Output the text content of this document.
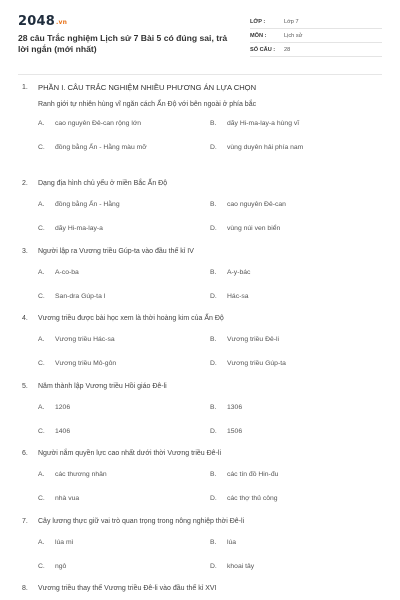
2048.vn
28 câu Trắc nghiệm Lịch sử 7 Bài 5 có đúng sai, trả lời ngắn (mới nhất)
LỚP :	Lớp 7
MÔN :	Lịch sử
SỐ CÂU :	28
1.	PHẦN I. CÂU TRẮC NGHIỆM NHIỀU PHƯƠNG ÁN LỰA CHỌN
Ranh giới tự nhiên hùng vĩ ngăn cách Ấn Độ với bên ngoài ở phía bắc
A.	cao nguyên Đê-can rộng lớn	B.	dãy Hi-ma-lay-a hùng vĩ
C.	đồng bằng Ấn - Hằng màu mỡ	D.	vùng duyên hải phía nam
2.	Dạng địa hình chủ yếu ở miền Bắc Ấn Độ
A.	đồng bằng Ấn - Hằng	B.	cao nguyên Đê-can
C.	dãy Hi-ma-lay-a	D.	vùng núi ven biển
3.	Người lập ra Vương triều Gúp-ta vào đầu thế kỉ IV
A.	A-co-ba	B.	A-y-bác
C.	San-dra Gúp-ta I	D.	Hác-sa
4.	Vương triều được bài học xem là thời hoàng kim của Ấn Độ
A.	Vương triều Hác-sa	B.	Vương triều Đê-li
C.	Vương triều Mô-gôn	D.	Vương triều Gúp-ta
5.	Năm thành lập Vương triều Hồi giáo Đê-li
A.	1206	B.	1306
C.	1406	D.	1506
6.	Người nắm quyền lực cao nhất dưới thời Vương triều Đê-li
A.	các thương nhân	B.	các tín đồ Hin-đu
C.	nhà vua	D.	các thợ thủ công
7.	Cây lương thực giữ vai trò quan trọng trong nông nghiệp thời Đê-li
A.	lúa mì	B.	lúa
C.	ngô	D.	khoai tây
8.	Vương triều thay thế Vương triều Đê-li vào đầu thế kỉ XVI
